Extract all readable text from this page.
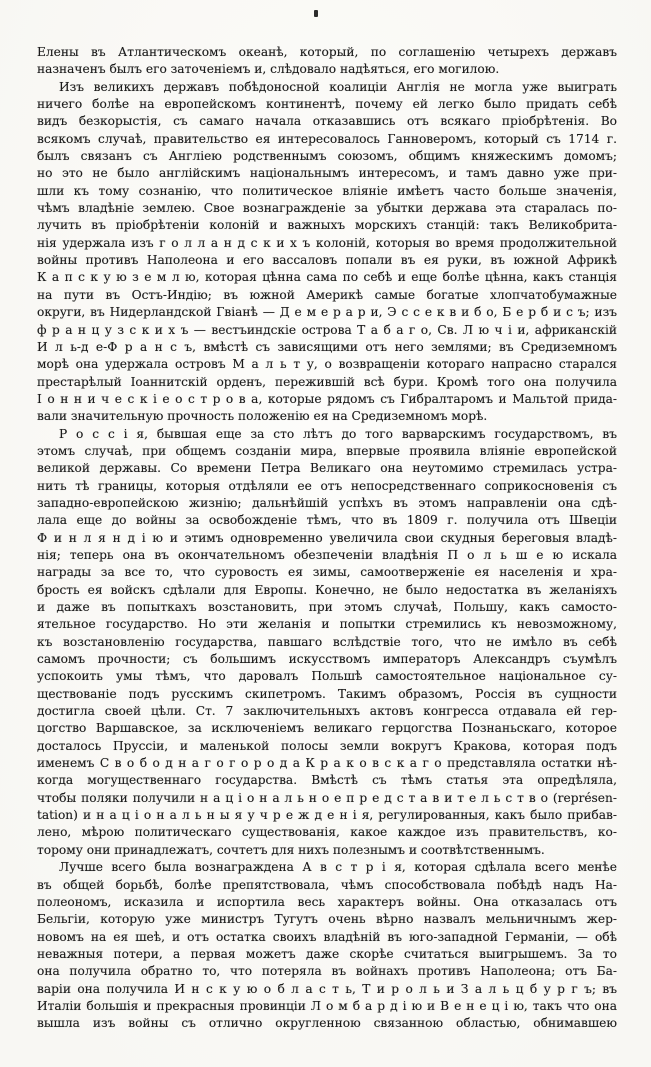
Елены въ Атлантическомъ океанѣ, который, по соглашенію четырехъ державъ
назначенъ былъ его заточеніемъ и, слѣдовало надѣяться, его могилою.
Изъ великихъ державъ побѣдоносной коалиціи Англія не могла уже выиграть
ничего болѣе на европейскомъ континентѣ, почему ей легко было придать себѣ
видъ безкорыстія, съ самаго начала отказавшись отъ всякаго пріобрѣтенія. Во
всякомъ случаѣ, правительство ея интересовалось Ганноверомъ, который съ 1714 г.
былъ связанъ съ Англіею родственнымъ союзомъ, общимъ княжескимъ домомъ;
но это не было англійскимъ національнымъ интересомъ, и тамъ давно уже при-
шли къ тому сознанію, что политическое вліяніе имѣетъ часто больше значенія,
чѣмъ владѣніе землею. Свое вознагражденіе за убытки держава эта старалась по-
лучить въ пріобрѣтеніи колоній и важныхъ морскихъ станцій: такъ Великобрита-
нія удержала изъ г о л л а н д с к и х ъ колоній, которыя во время продолжительной
войны противъ Наполеона и его вассаловъ попали въ ея руки, въ южной Африкѣ
К а п с к у ю з е м л ю, которая цѣнна сама по себѣ и еще болѣе цѣнна, какъ станція
на пути въ Остъ-Индію; въ южной Америкѣ самые богатые хлопчатобумажные
округи, въ Нидерландской Гвіанѣ — Д е м е р а р и, Э с с е к в и б о, Б е р б и с ъ; изъ
ф р а н ц у з с к и х ъ — вестъиндскіе острова Т а б а г о, Св. Л ю ч і и, африканскій
И л ь-д е-Ф р а н с ъ, вмѣстѣ съ зависящими отъ него землями; въ Средиземномъ
морѣ она удержала островъ М а л ь т у, о возвращеніи котораго напрасно старался
престарѣлый Іоаннитскій орденъ, пережившій всѣ бури. Кромѣ того она получила
І о н н и ч е с к і е о с т р о в а, которые рядомъ съ Гибралтаромъ и Мальтой прида-
вали значительную прочность положенію ея на Средиземномъ морѣ.
Р о с с і я, бывшая еще за сто лѣтъ до того варварскимъ государствомъ, въ
этомъ случаѣ, при общемъ созданіи мира, впервые проявила вліяніе европейской
великой державы. Со времени Петра Великаго она неутомимо стремилась устра-
нить тѣ границы, которыя отдѣляли ее отъ непосредственнаго соприкосновенія съ
западно-европейскою жизнію; дальнѣйшій успѣхъ въ этомъ направленіи она сдѣ-
лала еще до войны за освобожденіе тѣмъ, что въ 1809 г. получила отъ Швеціи
Ф и н л я н д і ю и этимъ одновременно увеличила свои скудныя береговыя владѣ-
нія; теперь она въ окончательномъ обезпеченіи владѣнія П о л ь ш е ю искала
награды за все то, что суровость ея зимы, самоотверженіе ея населенія и хра-
брость ея войскъ сдѣлали для Европы. Конечно, не было недостатка въ желаніяхъ
и даже въ попыткахъ возстановить, при этомъ случаѣ, Польшу, какъ самосто-
ятельное государство. Но эти желанія и попытки стремились къ невозможному,
къ возстановленію государства, павшаго вслѣдствіе того, что не имѣло въ себѣ
самомъ прочности; съ большимъ искусствомъ императоръ Александръ съумѣлъ
успокоить умы тѣмъ, что даровалъ Польшѣ самостоятельное національное су-
ществованіе подъ русскимъ скипетромъ. Такимъ образомъ, Россія въ сущности
достигла своей цѣли. Ст. 7 заключительныхъ актовъ конгресса отдавала ей гер-
цогство Варшавское, за исключеніемъ великаго герцогства Познаньскаго, которое
досталось Пруссіи, и маленькой полосы земли вокругъ Кракова, которая подъ
именемъ С в о б о д н а г о г о р о д а К р а к о в с к а г о представляла остатки нѣ-
когда могущественнаго государства. Вмѣстѣ съ тѣмъ статья эта опредѣляла,
чтобы поляки получили н а ц і о н а л ь н о е п р е д с т а в и т е л ь с т в о (représen-
tation) и н а ц і о н а л ь н ы я у ч р е ж д е н і я, регулированныя, какъ было прибав-
лено, мѣрою политическаго существованія, какое каждое изъ правительствъ, ко-
торому они принадлежатъ, сочтетъ для нихъ полезнымъ и соотвѣтственнымъ.
Лучше всего была вознаграждена А в с т р і я, которая сдѣлала всего менѣе
въ общей борьбѣ, болѣе препятствовала, чѣмъ способствовала побѣдѣ надъ На-
полеономъ, исказила и испортила весь характеръ войны. Она отказалась отъ
Бельгіи, которую уже министръ Тугутъ очень вѣрно назвалъ мельничнымъ жер-
новомъ на ея шеѣ, и отъ остатка своихъ владѣній въ юго-западной Германіи, — обѣ
неважныя потери, а первая можетъ даже скорѣе считаться выигрышемъ. За то
она получила обратно то, что потеряла въ войнахъ противъ Наполеона; отъ Ба-
варіи она получила И н с к у ю о б л а с т ь, Т и р о л ь и З а л ь ц б у р г ъ; въ
Италіи большія и прекрасныя провинціи Л о м б а р д і ю и В е н е ц і ю, такъ что она
вышла изъ войны съ отлично округленною связанною областью, обнимавшею
